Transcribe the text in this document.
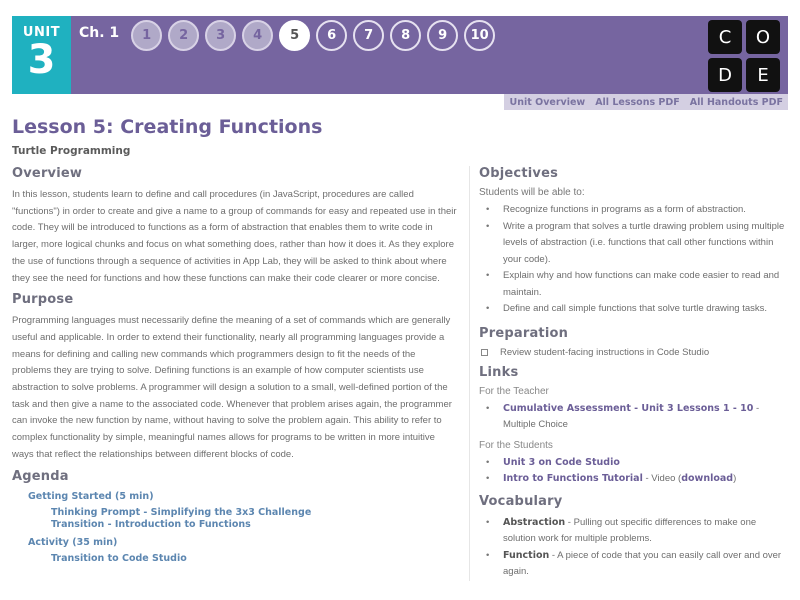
UNIT
3
Ch. 1	1	2	3	4	5	6	7	8	9	10	C	O
D	E
Unit Overview All Lessons PDF All Handouts PDF
Lesson 5: Creating Functions
Turtle Programming
Overview

In this lesson, students learn to define and call procedures (in JavaScript, procedures are called "functions") in order to create and give a name to a group of commands for easy and repeated use in their code. They will be introduced to functions as a form of abstraction that enables them to write code in larger, more logical chunks and focus on what something does, rather than how it does it. As they explore the use of functions through a sequence of activities in App Lab, they will be asked to think about where they see the need for functions and how these functions can make their code clearer or more concise.

Purpose

Programming languages must necessarily define the meaning of a set of commands which are generally useful and applicable. In order to extend their functionality, nearly all programming languages provide a means for defining and calling new commands which programmers design to fit the needs of the problems they are trying to solve. Defining functions is an example of how computer scientists use abstraction to solve problems. A programmer will design a solution to a small, well-defined portion of the task and then give a name to the associated code. Whenever that problem arises again, the programmer can invoke the new function by name, without having to solve the problem again. This ability to refer to complex functionality by simple, meaningful names allows for programs to be written in more intuitive ways that reflect the relationships between different blocks of code.

Agenda
Getting Started (5 min)
Thinking Prompt - Simplifying the 3x3 Challenge
Transition - Introduction to Functions
Activity (35 min)
Transition to Code Studio
Objectives
Students will be able to:
• Recognize functions in programs as a form of abstraction.
• Write a program that solves a turtle drawing problem using multiple levels of abstraction (i.e. functions that call other functions within your code).
• Explain why and how functions can make code easier to read and maintain.
• Define and call simple functions that solve turtle drawing tasks.
Preparation
Review student-facing instructions in Code Studio
Links
For the Teacher
• Cumulative Assessment - Unit 3 Lessons 1 - 10 - Multiple Choice
For the Students
• Unit 3 on Code Studio
• Intro to Functions Tutorial - Video (download)
Vocabulary
• Abstraction - Pulling out specific differences to make one solution work for multiple problems.
• Function - A piece of code that you can easily call over and over again.
